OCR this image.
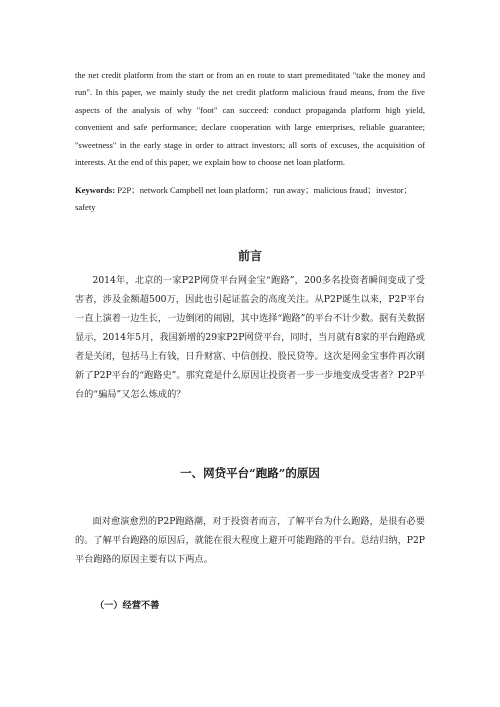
the net credit platform from the start or from an en route to start premeditated "take the money and run". In this paper, we mainly study the net credit platform malicious fraud means, from the five aspects of the analysis of why "foot" can succeed: conduct propaganda platform high yield, convenient and safe performance; declare cooperation with large enterprises, reliable guarantee; "sweetness" in the early stage in order to attract investors; all sorts of excuses, the acquisition of interests. At the end of this paper, we explain how to choose net loan platform.

Keywords: P2P；network Campbell net loan platform；run away；malicious fraud；investor；safety

前言

2014年，北京的一家P2P网贷平台网金宝“跑路”，200多名投资者瞬间变成了受害者，涉及金额超500万，因此也引起证监会的高度关注。从P2P诞生以来，P2P平台一直上演着一边生长，一边倒闭的闹剧，其中选择“跑路”的平台不计少数。据有关数据显示，2014年5月，我国新增的29家P2P网贷平台，同时，当月就有8家的平台跑路或者是关闭，包括马上有钱，日升财富、中信创投、股民贷等。这次是网金宝事件再次刷新了P2P平台的“跑路史”。那究竟是什么原因让投资者一步一步地变成受害者？P2P平台的“骗局”又怎么炼成的？

一、网贷平台“跑路”的原因

面对愈演愈烈的P2P跑路潮，对于投资者而言，了解平台为什么跑路，是很有必要的。了解平台跑路的原因后，就能在很大程度上避开可能跑路的平台。总结归纳，P2P平台跑路的原因主要有以下两点。

（一）经营不善
